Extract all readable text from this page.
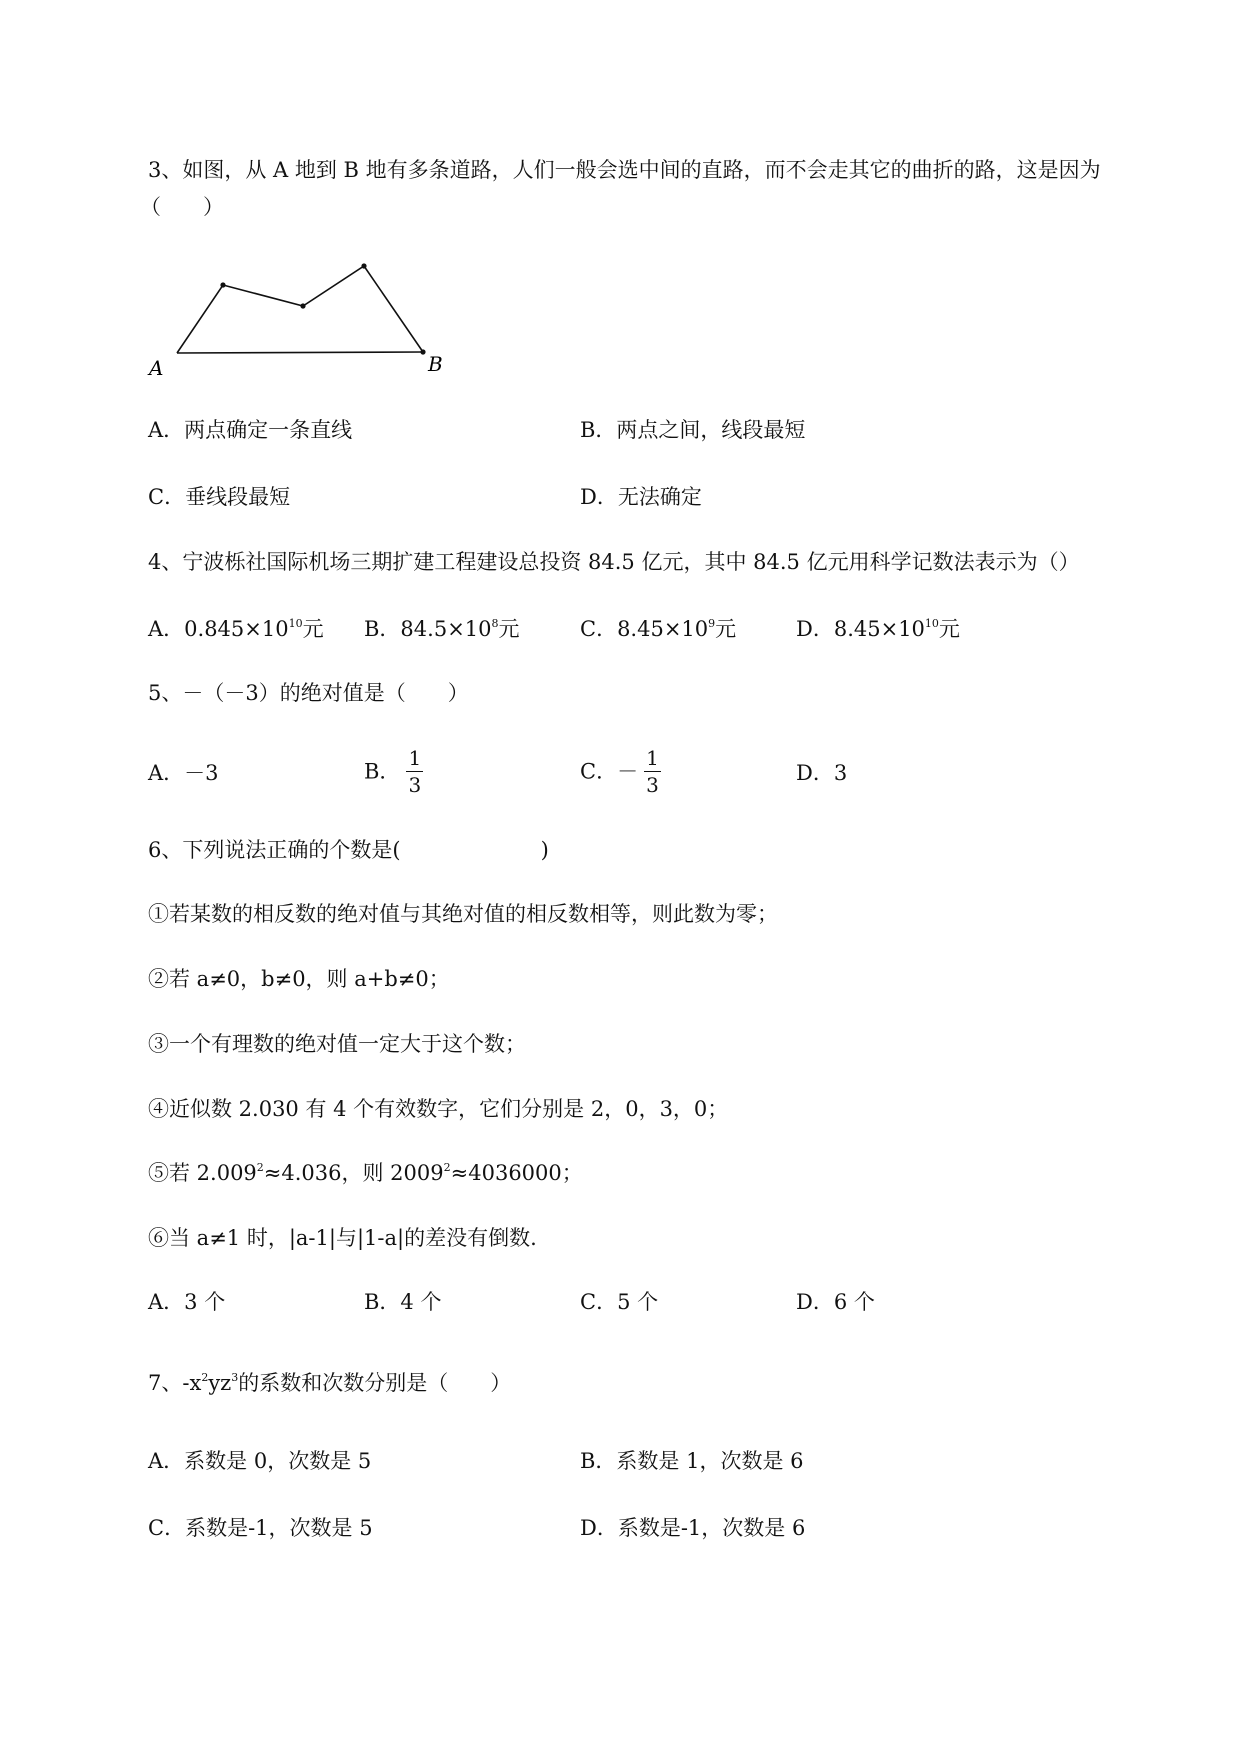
3、如图，从 A 地到 B 地有多条道路，人们一般会选中间的直路，而不会走其它的曲折的路，这是因为
（　　）
A	B
A．两点确定一条直线	B．两点之间，线段最短
C．垂线段最短	D．无法确定
4、宁波栎社国际机场三期扩建工程建设总投资 84.5 亿元，其中 84.5 亿元用科学记数法表示为（）
A．$0.845\times 10^{10}$元 B．$84.5\times 10^8$元	C．$8.45\times 10^9$元	D．$8.45\times 10^{10}$元
5、－（－3）的绝对值是（　　）
A．－3	B． $\frac{1}{3}$	C．－ $\frac{1}{3}$	D．3
6、下列说法正确的个数是(	)
①若某数的相反数的绝对值与其绝对值的相反数相等，则此数为零；
②若 a≠0，b≠0，则 a+b≠0；
③一个有理数的绝对值一定大于这个数；
④近似数 2.030 有 4 个有效数字，它们分别是 2，0，3，0；
⑤若 $2.009^2\approx 4.036$，则 $2009^2\approx 4036000$；
⑥当 a≠1 时，|a-1|与|1-a|的差没有倒数.
A．3 个	B．4 个	C．5 个	D．6 个
7、$-x^2yz^3$的系数和次数分别是（　　）
A．系数是 0，次数是 5	B．系数是 1，次数是 6
C．系数是-1，次数是 5	D．系数是-1，次数是 6
